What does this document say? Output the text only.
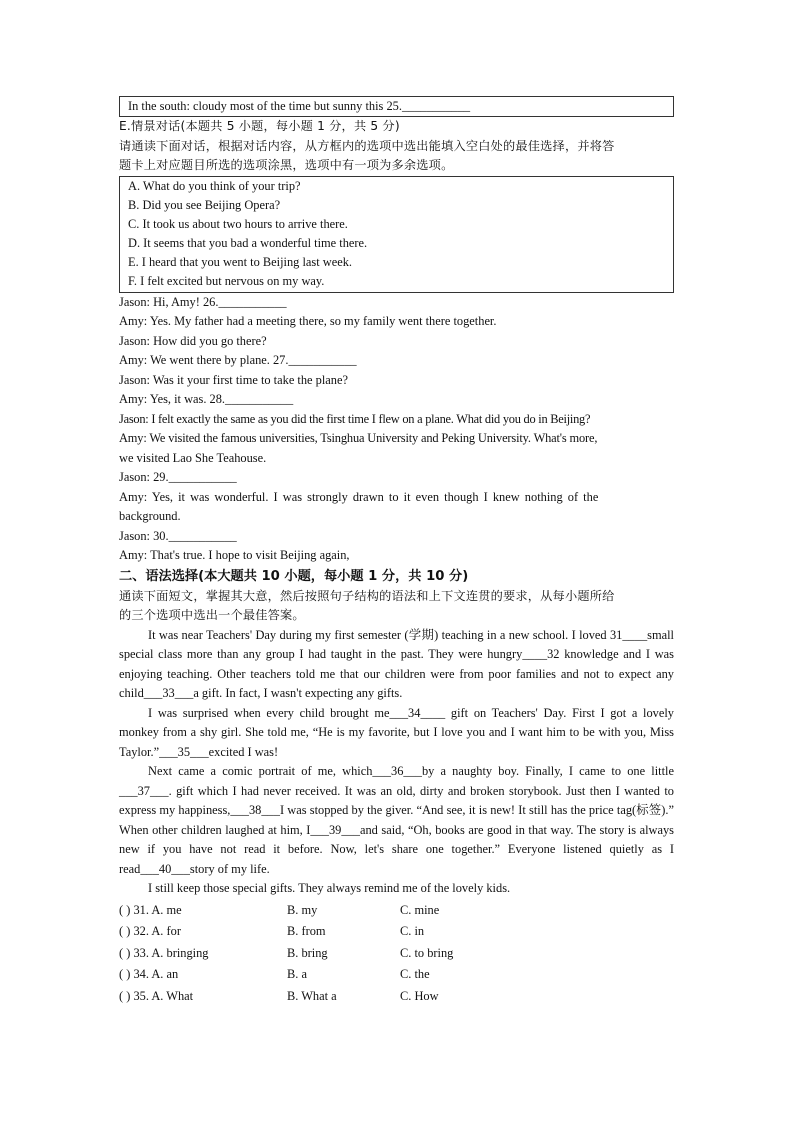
In the south: cloudy most of the time but sunny this 25.___________
E.情景对话(本题共 5 小题，每小题 1 分，共 5 分)
请通读下面对话，根据对话内容，从方框内的选项中选出能填入空白处的最佳选择，并将答
题卡上对应题目所选的选项涂黑，选项中有一项为多余选项。
A. What do you think of your trip?
B. Did you see Beijing Opera?
C. It took us about two hours to arrive there.
D. It seems that you bad a wonderful time there.
E. I heard that you went to Beijing last week.
F. I felt excited but nervous on my way.
Jason: Hi, Amy! 26.___________
Amy: Yes. My father had a meeting there, so my family went there together.
Jason: How did you go there?
Amy: We went there by plane. 27.___________
Jason: Was it your first time to take the plane?
Amy: Yes, it was. 28.___________
Jason: I felt exactly the same as you did the first time I flew on a plane. What did you do in Beijing?
Amy: We visited the famous universities, Tsinghua University and Peking University. What's more,
we visited Lao She Teahouse.
Jason: 29.___________
Amy: Yes, it was wonderful. I was strongly drawn to it even though I knew nothing of the
background.
Jason: 30.___________
Amy: That's true. I hope to visit Beijing again,
二、语法选择(本大题共 10 小题，每小题 1 分，共 10 分)
通读下面短文，掌握其大意，然后按照句子结构的语法和上下文连贯的要求，从每小题所给
的三个选项中选出一个最佳答案。
It was near Teachers' Day during my first semester (学期) teaching in a new school. I loved 31____small special class more than any group I had taught in the past. They were hungry____32 knowledge and I was enjoying teaching. Other teachers told me that our children were from poor families and not to expect any child___33___a gift. In fact, I wasn't expecting any gifts.
I was surprised when every child brought me___34____ gift on Teachers' Day. First I got a lovely monkey from a shy girl. She told me, “He is my favorite, but I love you and I want him to be with you, Miss Taylor.”___35___excited I was!
Next came a comic portrait of me, which___36___by a naughty boy. Finally, I came to one little ___37___. gift which I had never received. It was an old, dirty and broken storybook. Just then I wanted to express my happiness,___38___I was stopped by the giver. “And see, it is new! It still has the price tag(标签).” When other children laughed at him, I___39___and said, “Oh, books are good in that way. The story is always new if you have not read it before. Now, let's share one together.” Everyone listened quietly as I read___40___story of my life.
I still keep those special gifts. They always remind me of the lovely kids.
( ) 31. A. me	B. my	C. mine
( ) 32. A. for	B. from	C. in
( ) 33. A. bringing	B. bring	C. to bring
( ) 34. A. an	B. a	C. the
( ) 35. A. What	B. What a	C. How
